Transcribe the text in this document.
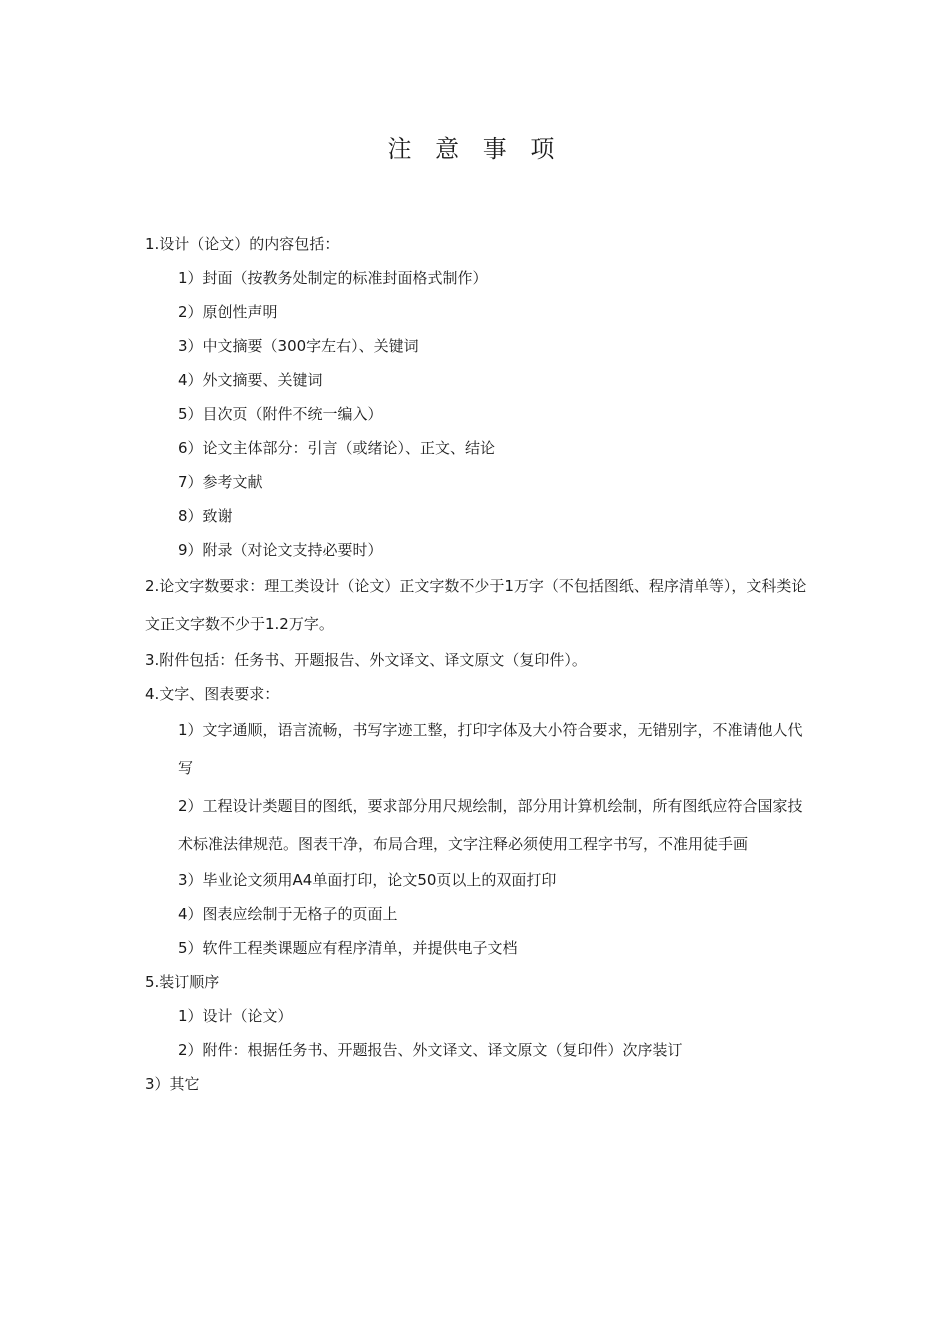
注 意 事 项

1.设计（论文）的内容包括：

1）封面（按教务处制定的标准封面格式制作）

2）原创性声明

3）中文摘要（300字左右）、关键词

4）外文摘要、关键词

5）目次页（附件不统一编入）

6）论文主体部分：引言（或绪论）、正文、结论

7）参考文献

8）致谢

9）附录（对论文支持必要时）

2.论文字数要求：理工类设计（论文）正文字数不少于1万字（不包括图纸、程序清单等），文科类论文正文字数不少于1.2万字。

3.附件包括：任务书、开题报告、外文译文、译文原文（复印件）。

4.文字、图表要求：

1）文字通顺，语言流畅，书写字迹工整，打印字体及大小符合要求，无错别字，不准请他人代写

2）工程设计类题目的图纸，要求部分用尺规绘制，部分用计算机绘制，所有图纸应符合国家技术标准法律规范。图表干净，布局合理，文字注释必须使用工程字书写，不准用徒手画

3）毕业论文须用A4单面打印，论文50页以上的双面打印

4）图表应绘制于无格子的页面上

5）软件工程类课题应有程序清单，并提供电子文档

5.装订顺序

1）设计（论文）

2）附件：根据任务书、开题报告、外文译文、译文原文（复印件）次序装订

3）其它
